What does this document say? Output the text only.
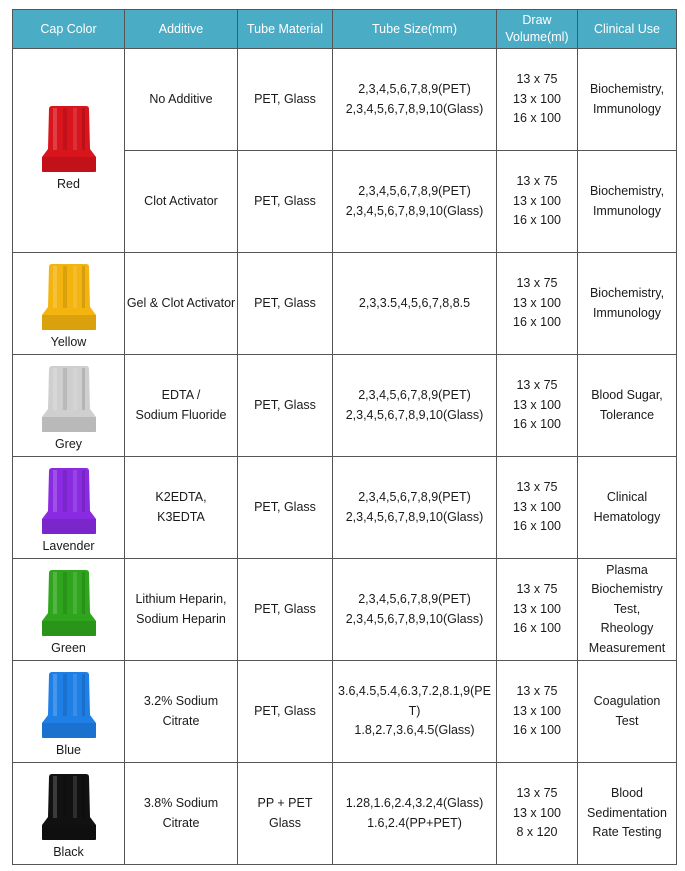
Cap Color	Additive	Tube Material	Tube Size(mm)	Draw
Volume(ml)	Clinical Use

Red	No Additive	PET, Glass	2,3,4,5,6,7,8,9(PET)
2,3,4,5,6,7,8,9,10(Glass)	13 x 75
13 x 100
16 x 100	Biochemistry,
Immunology

	Clot Activator	PET, Glass	2,3,4,5,6,7,8,9(PET)
2,3,4,5,6,7,8,9,10(Glass)	13 x 75
13 x 100
16 x 100	Biochemistry,
Immunology

Yellow	Gel & Clot Activator	PET, Glass	2,3,3.5,4,5,6,7,8,8.5	13 x 75
13 x 100
16 x 100	Biochemistry,
Immunology

Grey	EDTA /
Sodium Fluoride	PET, Glass	2,3,4,5,6,7,8,9(PET)
2,3,4,5,6,7,8,9,10(Glass)	13 x 75
13 x 100
16 x 100	Blood Sugar,
Tolerance

Lavender	K2EDTA,
K3EDTA	PET, Glass	2,3,4,5,6,7,8,9(PET)
2,3,4,5,6,7,8,9,10(Glass)	13 x 75
13 x 100
16 x 100	Clinical
Hematology

Green	Lithium Heparin,
Sodium Heparin	PET, Glass	2,3,4,5,6,7,8,9(PET)
2,3,4,5,6,7,8,9,10(Glass)	13 x 75
13 x 100
16 x 100	Plasma
Biochemistry
Test,
Rheology
Measurement

Blue	3.2% Sodium
Citrate	PET, Glass	3.6,4.5,5.4,6.3,7.2,8.1,9(PE
T)
1.8,2.7,3.6,4.5(Glass)	13 x 75
13 x 100
16 x 100	Coagulation
Test

Black	3.8% Sodium
Citrate	PP + PET
Glass	1.28,1.6,2.4,3.2,4(Glass)
1.6,2.4(PP+PET)	13 x 75
13 x 100
8 x 120	Blood
Sedimentation
Rate Testing
